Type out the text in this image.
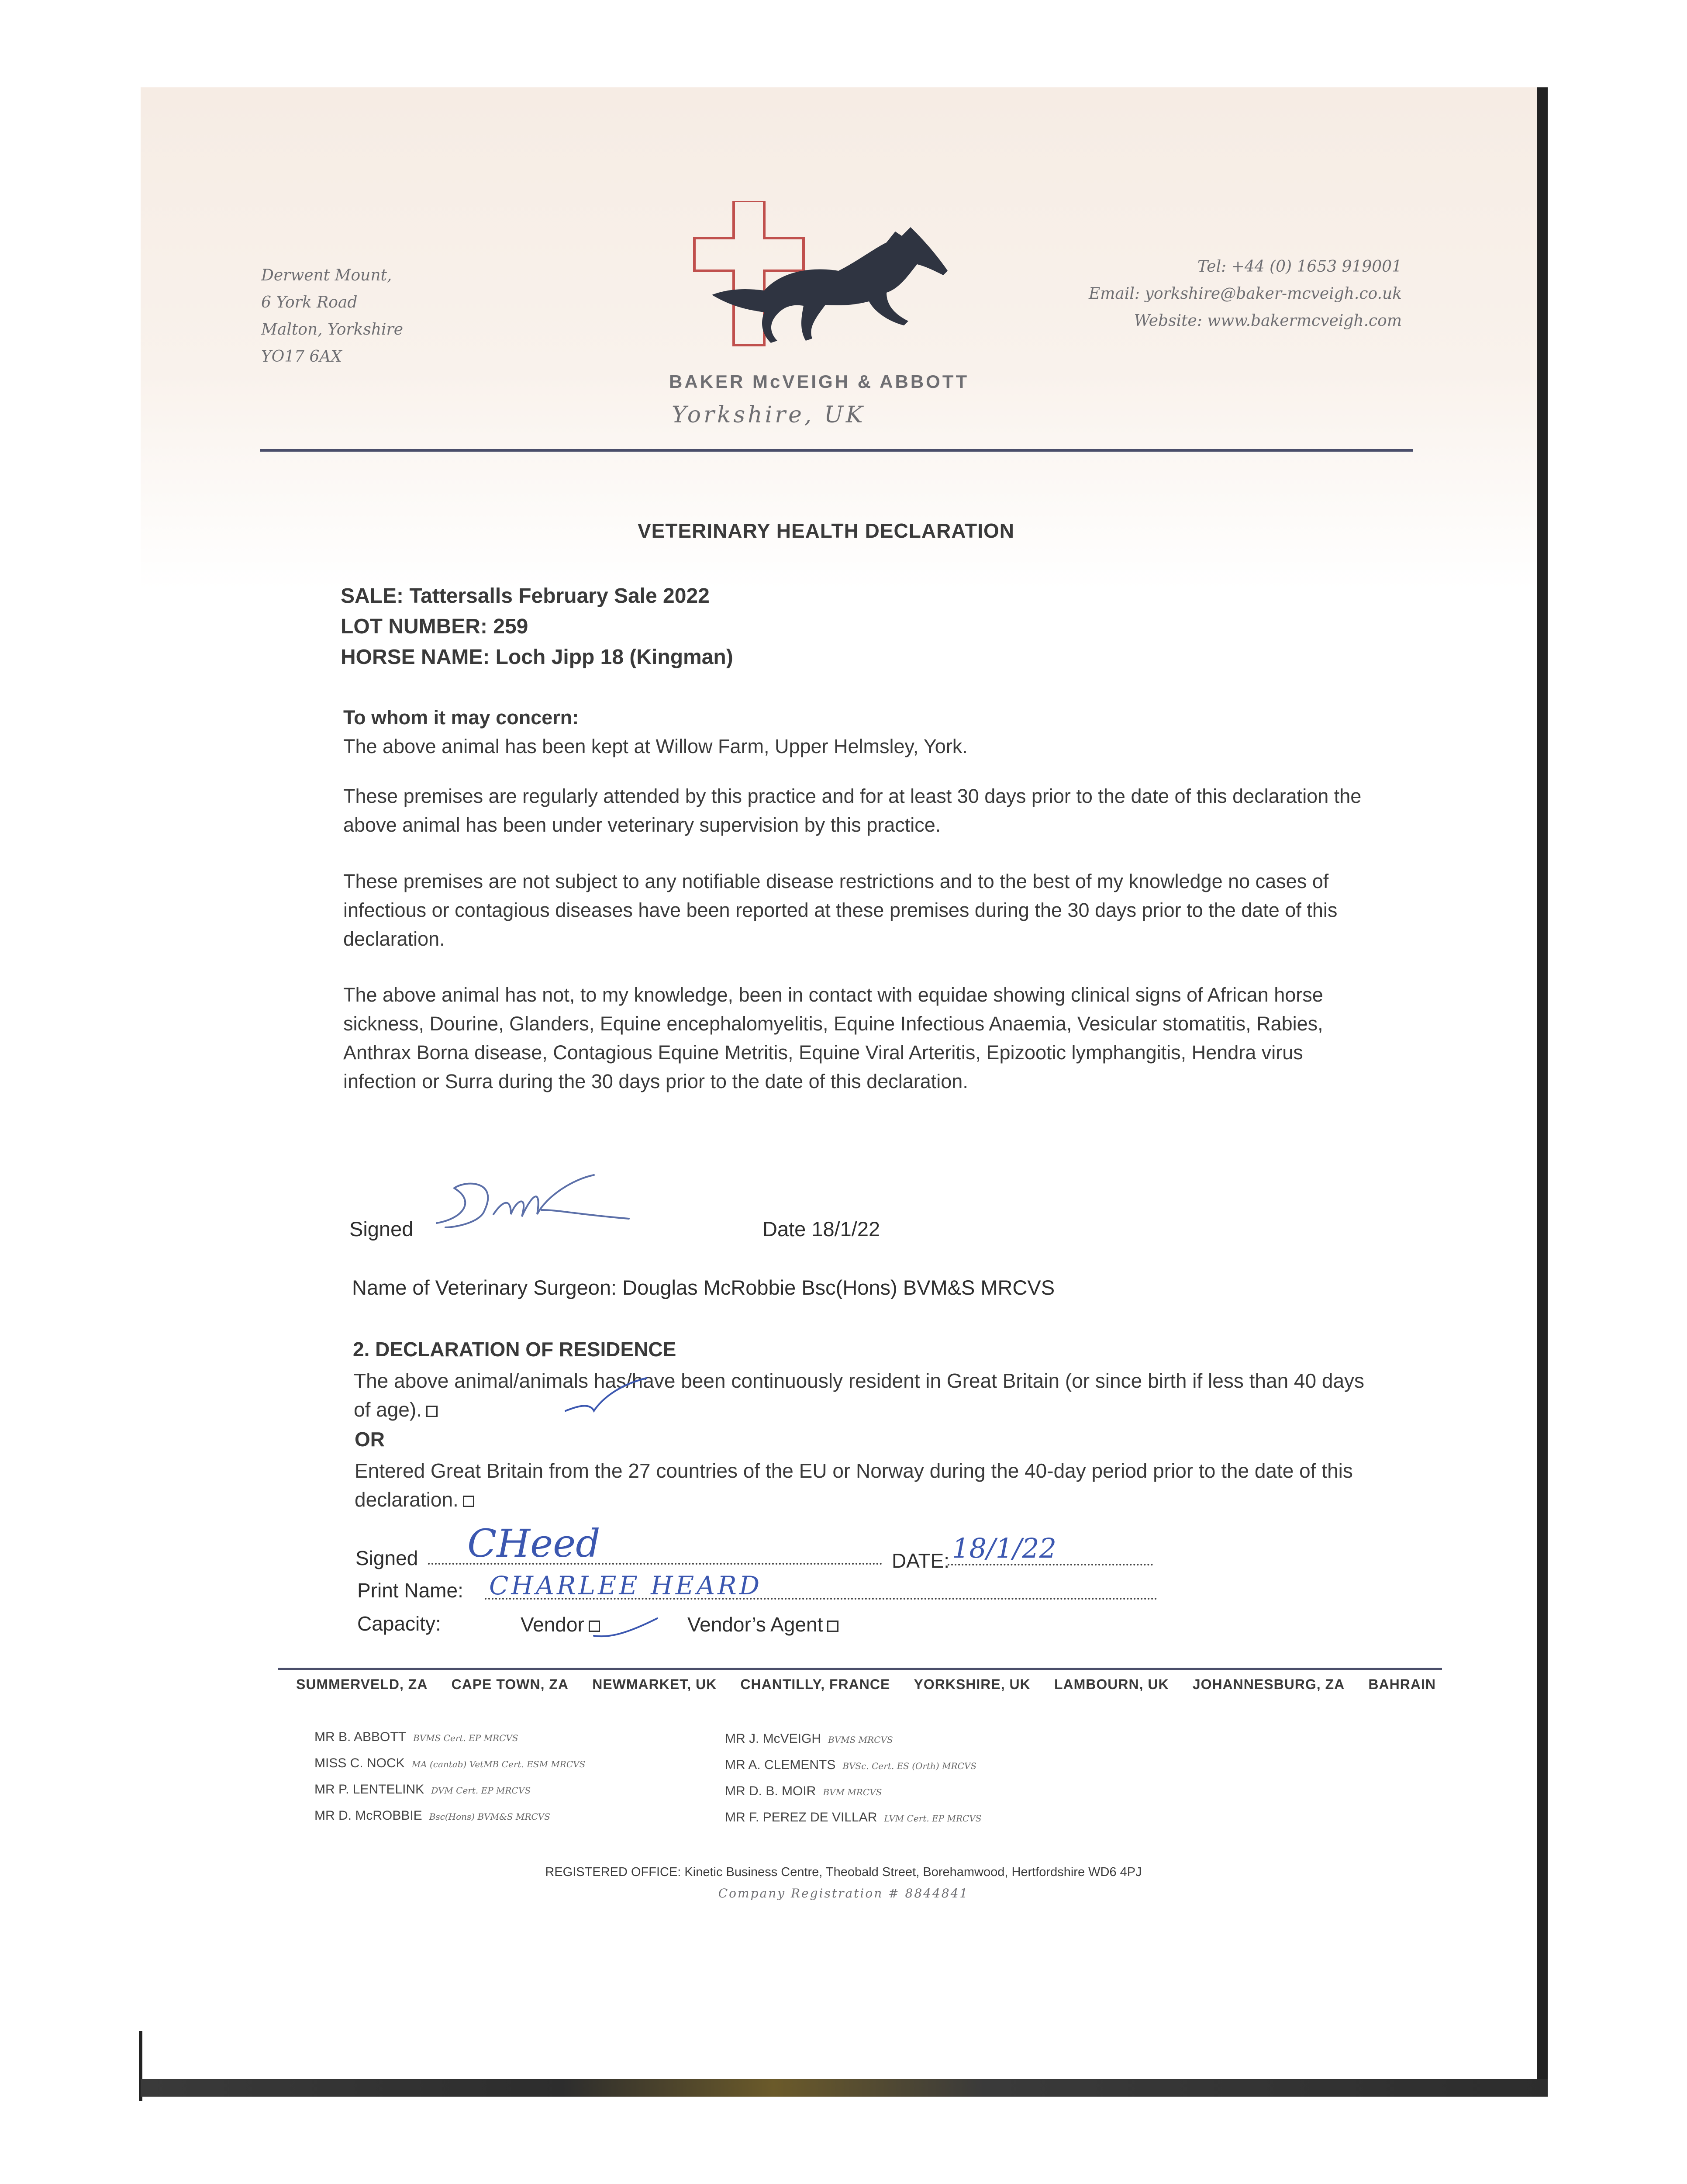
Derwent Mount,
6 York Road
Malton, Yorkshire
YO17 6AX
BAKER McVEIGH & ABBOTT
Yorkshire, UK
Tel: +44 (0) 1653 919001
Email: yorkshire@baker-mcveigh.co.uk
Website: www.bakermcveigh.com
VETERINARY HEALTH DECLARATION
SALE: Tattersalls February Sale 2022
LOT NUMBER: 259
HORSE NAME: Loch Jipp 18 (Kingman)
To whom it may concern:
The above animal has been kept at Willow Farm, Upper Helmsley, York.

These premises are regularly attended by this practice and for at least 30 days prior to the date of this declaration the above animal has been under veterinary supervision by this practice.

These premises are not subject to any notifiable disease restrictions and to the best of my knowledge no cases of infectious or contagious diseases have been reported at these premises during the 30 days prior to the date of this declaration.

The above animal has not, to my knowledge, been in contact with equidae showing clinical signs of African horse sickness, Dourine, Glanders, Equine encephalomyelitis, Equine Infectious Anaemia, Vesicular stomatitis, Rabies, Anthrax Borna disease, Contagious Equine Metritis, Equine Viral Arteritis, Epizootic lymphangitis, Hendra virus infection or Surra during the 30 days prior to the date of this declaration.

Signed	Date 18/1/22
Name of Veterinary Surgeon: Douglas McRobbie Bsc(Hons) BVM&S MRCVS
2. DECLARATION OF RESIDENCE
The above animal/animals has/have been continuously resident in Great Britain (or since birth if less than 40 days of age).
OR
Entered Great Britain from the 27 countries of the EU or Norway during the 40-day period prior to the date of this declaration.
Signed CHeed	DATE: 18/1/22
Print Name: CHARLEE HEARD
Capacity:	Vendor	Vendor’s Agent
SUMMERVELD, ZA CAPE TOWN, ZA NEWMARKET, UK CHANTILLY, FRANCE YORKSHIRE, UK LAMBOURN, UK JOHANNESBURG, ZA BAHRAIN
MR B. ABBOTT BVMS Cert. EP MRCVS
MISS C. NOCK MA (cantab) VetMB Cert. ESM MRCVS
MR P. LENTELINK DVM Cert. EP MRCVS
MR D. McROBBIE Bsc(Hons) BVM&S MRCVS
MR J. McVEIGH BVMS MRCVS
MR A. CLEMENTS BVSc. Cert. ES (Orth) MRCVS
MR D. B. MOIR BVM MRCVS
MR F. PEREZ DE VILLAR LVM Cert. EP MRCVS
REGISTERED OFFICE: Kinetic Business Centre, Theobald Street, Borehamwood, Hertfordshire WD6 4PJ
Company Registration # 8844841
